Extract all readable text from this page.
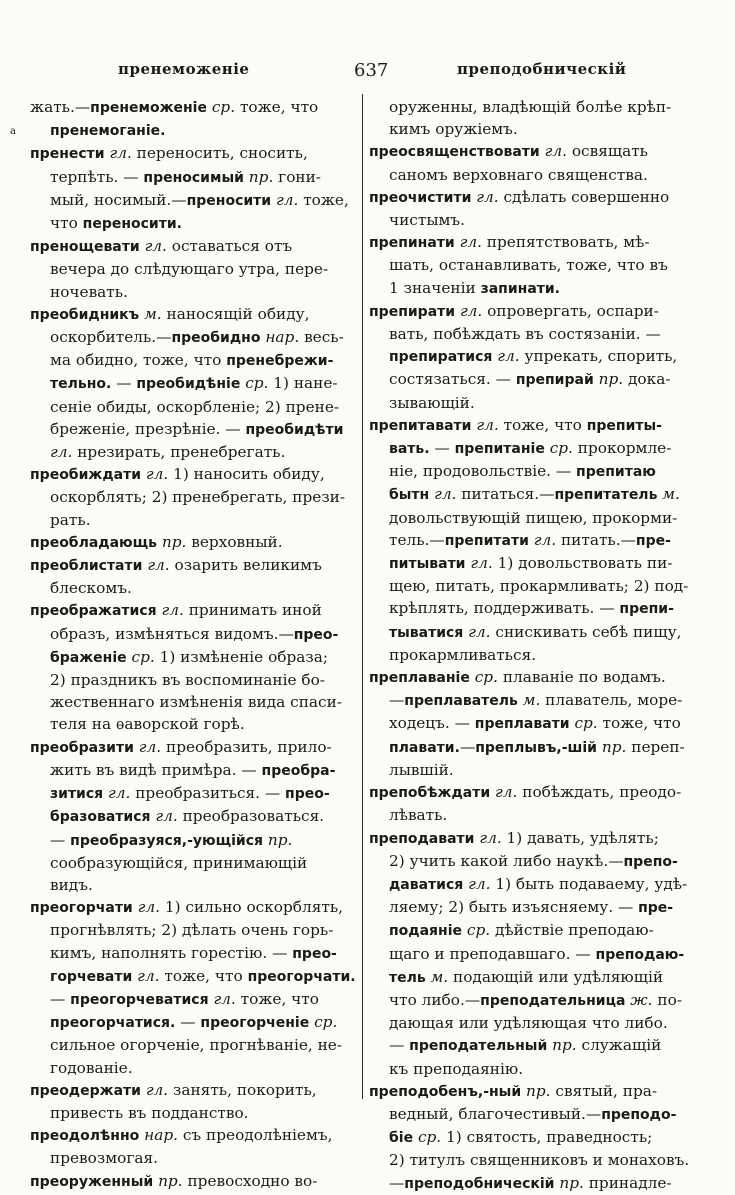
пренеможеніе	637	преподобническій
а
жать.—пренеможеніе ср. тоже, что
пренемоганіе.
пренести гл. переносить, сносить,
терпѣть. — преносимый пр. гони-
мый, носимый.—преносити гл. тоже,
что переносити.
пренощевати гл. оставаться отъ
вечера до слѣдующаго утра, пере-
ночевать.
преобидникъ м. наносящій обиду,
оскорбитель.—преобидно нар. весь-
ма обидно, тоже, что пренебрежи-
тельно. — преобидѣніе ср. 1) нане-
сеніе обиды, оскорбленіе; 2) прене-
бреженіе, презрѣніе. — преобидѣти
гл. нрезирать, пренебрегать.
преобиждати гл. 1) наносить обиду,
оскорблять; 2) пренебрегать, прези-
рать.
преобладающь пр. верховный.
преоблистати гл. озарить великимъ
блескомъ.
преображатися гл. принимать иной
образъ, измѣняться видомъ.—прео-
браженіе ср. 1) измѣненіе образа;
2) праздникъ въ воспоминаніе бо-
жественнаго измѣненія вида спаси-
теля на ѳаворской горѣ.
преобразити гл. преобразить, прило-
жить въ видѣ примѣра. — преобра-
зитися гл. преобразиться. — прео-
бразоватися гл. преобразоваться.
— преобразуяся,-ующійся пр.
сообразующійся, принимающій
видъ.
преогорчати гл. 1) сильно оскорблять,
прогнѣвлять; 2) дѣлать очень горь-
кимъ, наполнять горестію. — прео-
горчевати гл. тоже, что преогорчати.
— преогорчеватися гл. тоже, что
преогорчатися. — преогорченіе ср.
сильное огорченіе, прогнѣваніе, не-
годованіе.
преодержати гл. занять, покорить,
привесть въ подданство.
преодолѣнно нар. съ преодолѣніемъ,
превозмогая.
преоруженный пр. превосходно во-
оруженны, владѣющій болѣе крѣп-
кимъ оружіемъ.
преосвященствовати гл. освящать
саномъ верховнаго священства.
преочистити гл. сдѣлать совершенно
чистымъ.
препинати гл. препятствовать, мѣ-
шать, останавливать, тоже, что въ
1 значеніи запинати.
препирати гл. опровергать, оспари-
вать, побѣждать въ состязаніи. —
препиратися гл. упрекать, спорить,
состязаться. — препирай пр. дока-
зывающій.
препитавати гл. тоже, что препиты-
вать. — препитаніе ср. прокормле-
ніе, продовольствіе. — препитаю
бытн гл. питаться.—препитатель м.
довольствующій пищею, прокорми-
тель.—препитати гл. питать.—пре-
питывати гл. 1) довольствовать пи-
щею, питать, прокармливать; 2) под-
крѣплять, поддерживать. — препи-
тыватися гл. снискивать себѣ пищу,
прокармливаться.
преплаваніе ср. плаваніе по водамъ.
—преплаватель м. плаватель, море-
ходецъ. — преплавати ср. тоже, что
плавати.—преплывъ,-шій пр. переп-
лывшій.
препобѣждати гл. побѣждать, преодо-
лѣвать.
преподавати гл. 1) давать, удѣлять;
2) учить какой либо наукѣ.—препо-
даватися гл. 1) быть подаваему, удѣ-
ляему; 2) быть изъясняему. — пре-
подаяніе ср. дѣйствіе преподаю-
щаго и преподавшаго. — преподаю-
тель м. подающій или удѣляющій
что либо.—преподательница ж. по-
дающая или удѣляющая что либо.
— преподательный пр. служащій
къ преподаянію.
преподобенъ,-ный пр. святый, пра-
ведный, благочестивый.—преподо-
біе ср. 1) святость, праведность;
2) титулъ священниковъ и монаховъ.
—преподобническій пр. принадле-
